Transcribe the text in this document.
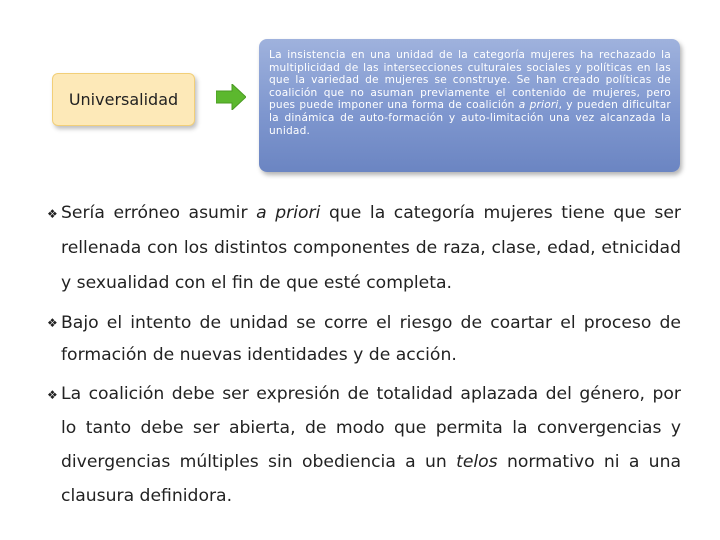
Universalidad
La insistencia en una unidad de la categoría mujeres ha rechazado la multiplicidad de las intersecciones culturales sociales y políticas en las que la variedad de mujeres se construye. Se han creado políticas de coalición que no asuman previamente el contenido de mujeres, pero pues puede imponer una forma de coalición a priori, y pueden dificultar la dinámica de auto-formación y auto-limitación una vez alcanzada la unidad.
❖ Sería erróneo asumir a priori que la categoría mujeres tiene que ser rellenada con los distintos componentes de raza, clase, edad, etnicidad y sexualidad con el fin de que esté completa.
❖ Bajo el intento de unidad se corre el riesgo de coartar el proceso de formación de nuevas identidades y de acción.
❖ La coalición debe ser expresión de totalidad aplazada del género, por lo tanto debe ser abierta, de modo que permita la convergencias y divergencias múltiples sin obediencia a un telos normativo ni a una clausura definidora.
